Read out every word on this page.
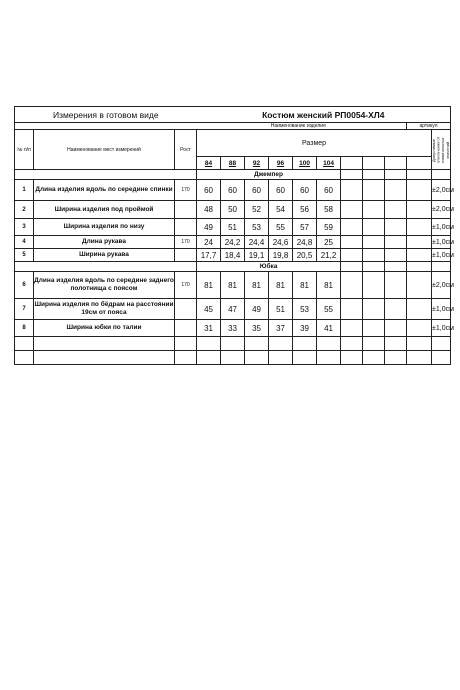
Измерения в готовом виде			Костюм женский РП0054-ХЛ4										
			Наименование изделия									артикул	
№ п/п	Наименование мест измерений	Рост	Размер										Допустимые отклонения от номинальных значений

			84	88	92	96	100	104					
			Джемпер										
1	Длина изделия вдоль по середине спинки	170	60	60	60	60	60	60					±2,0см
2	Ширина изделия под проймой		48	50	52	54	56	58					±2,0см
3	Ширина изделия по низу		49	51	53	55	57	59					±1,0см
4	Длина рукава	170	24	24,2	24,4	24,6	24,8	25					±1,0см
5	Ширина рукава		17,7	18,4	19,1	19,8	20,5	21,2					±1,0см
			Юбка										
6	Длина изделия вдоль по середине заднего полотнища с поясом	170	81	81	81	81	81	81					±2,0см
7	Ширина изделия по бёдрам на расстоянии 19см от пояса		45	47	49	51	53	55					±1,0см
8	Ширина юбки по талии		31	33	35	37	39	41					±1,0см
